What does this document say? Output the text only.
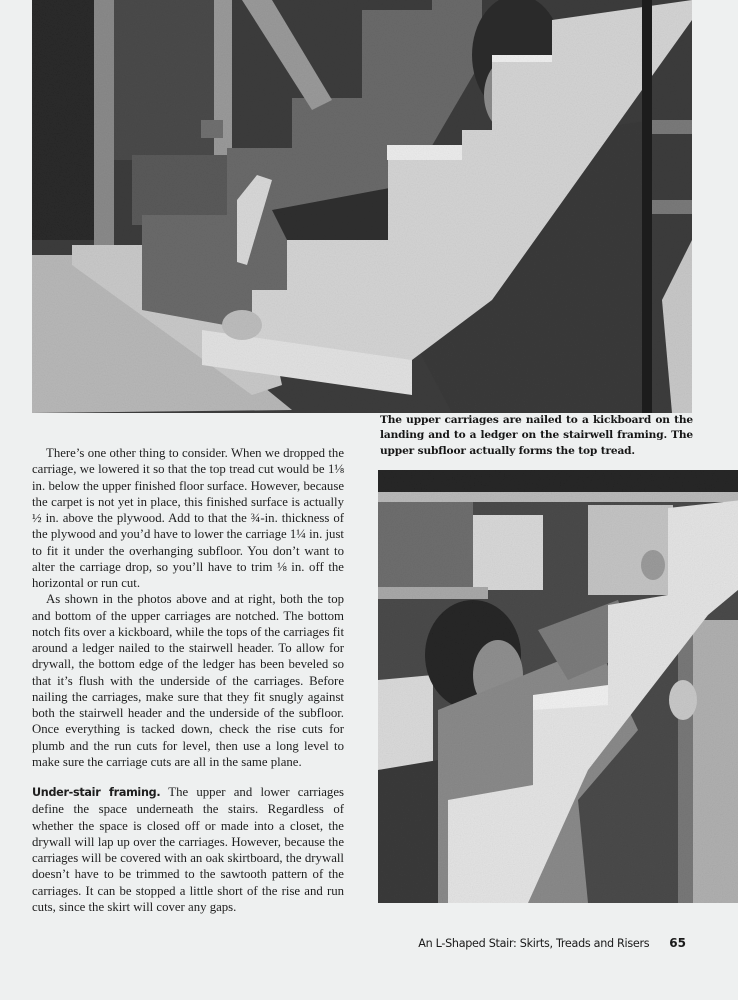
The upper carriages are nailed to a kickboard on the landing and to a ledger on the stairwell framing. The upper subfloor actually forms the top tread.

There’s one other thing to consider. When we dropped the carriage, we lowered it so that the top tread cut would be 1⅛ in. below the upper finished floor surface. However, because the carpet is not yet in place, this finished surface is actually ½ in. above the plywood. Add to that the ¾-in. thickness of the plywood and you’d have to lower the carriage 1¼ in. just to fit it under the overhanging subfloor. You don’t want to alter the carriage drop, so you’ll have to trim ⅛ in. off the horizontal or run cut.

As shown in the photos above and at right, both the top and bottom of the upper carriages are notched. The bottom notch fits over a kickboard, while the tops of the carriages fit around a ledger nailed to the stairwell header. To allow for drywall, the bottom edge of the ledger has been beveled so that it’s flush with the underside of the carriages. Before nailing the carriages, make sure that they fit snugly against both the stairwell header and the underside of the subfloor. Once everything is tacked down, check the rise cuts for plumb and the run cuts for level, then use a long level to make sure the carriage cuts are all in the same plane.

Under-stair framing. The upper and lower carriages define the space underneath the stairs. Regardless of whether the space is closed off or made into a closet, the drywall will lap up over the carriages. However, because the carriages will be covered with an oak skirtboard, the drywall doesn’t have to be trimmed to the sawtooth pattern of the carriages. It can be stopped a little short of the rise and run cuts, since the skirt will cover any gaps.

An L-Shaped Stair: Skirts, Treads and Risers 65
